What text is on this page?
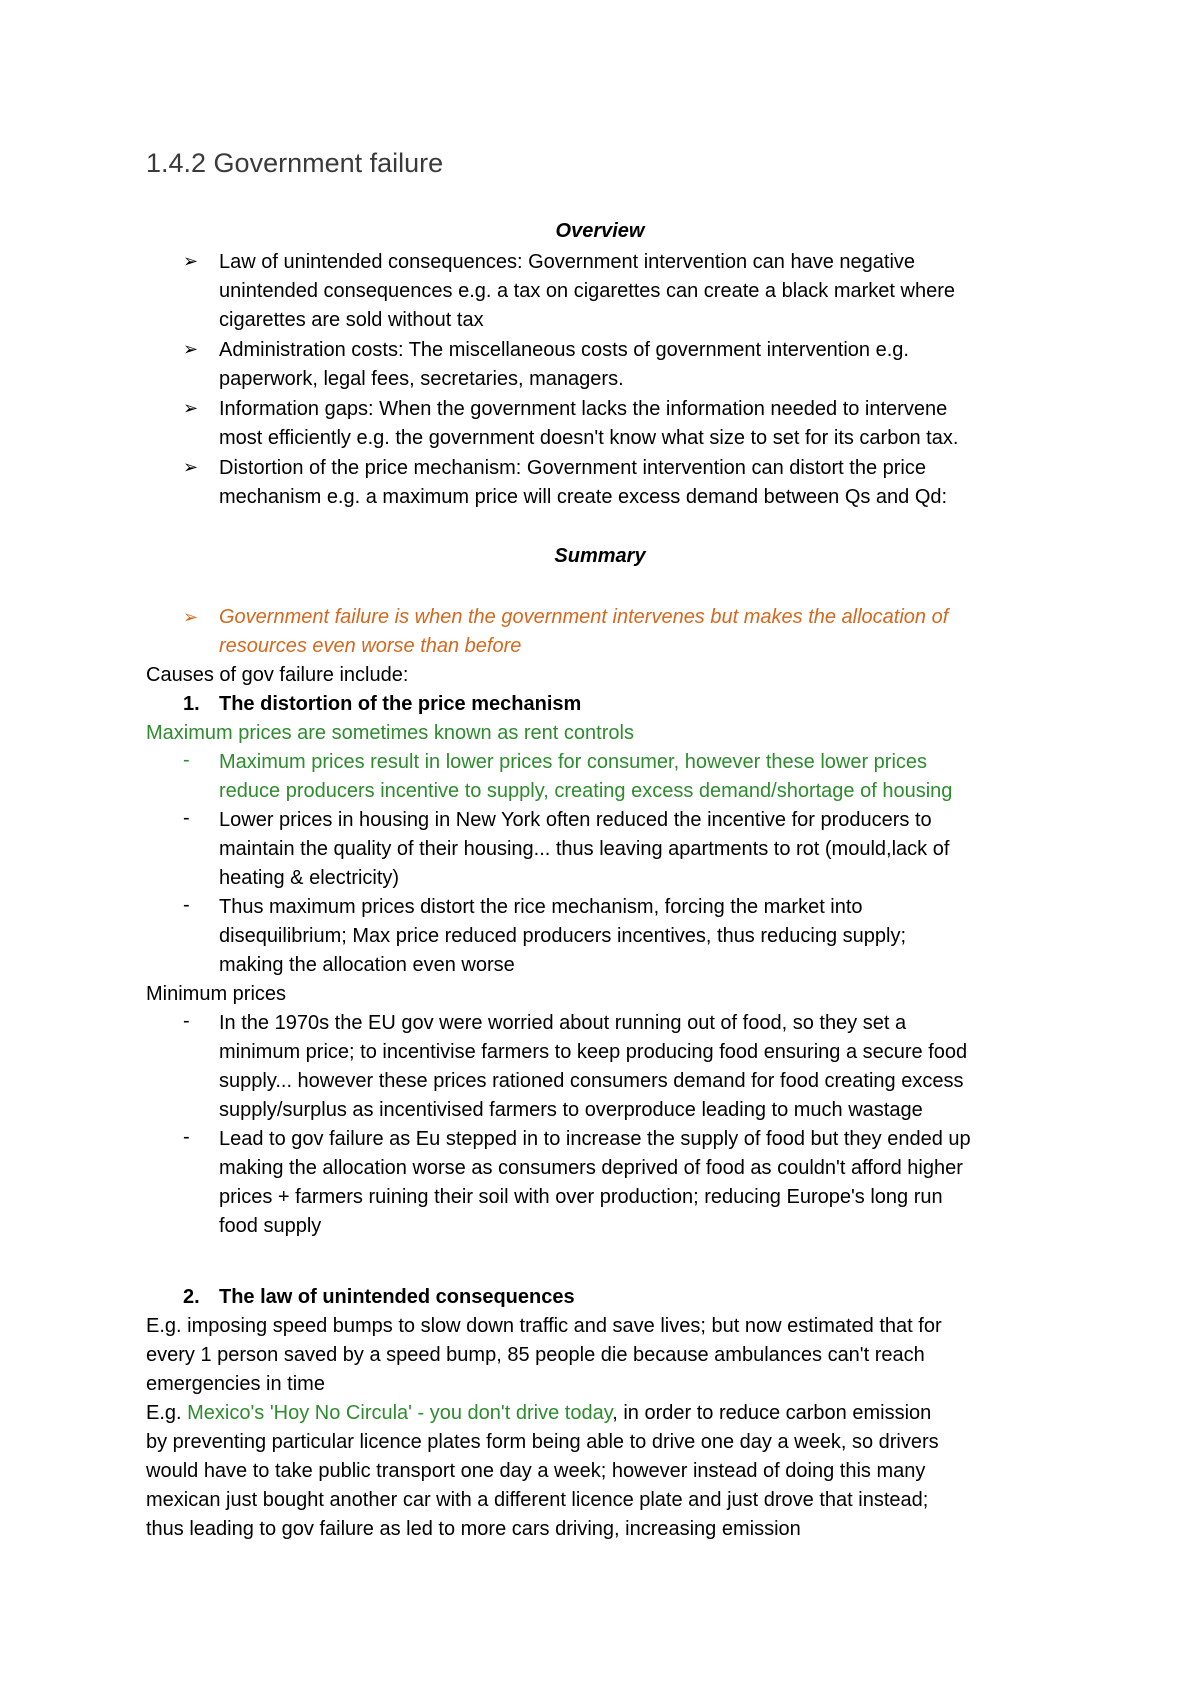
1.4.2 Government failure
Overview
➢ Law of unintended consequences: Government intervention can have negative
unintended consequences e.g. a tax on cigarettes can create a black market where
cigarettes are sold without tax
➢ Administration costs: The miscellaneous costs of government intervention e.g.
paperwork, legal fees, secretaries, managers.
➢ Information gaps: When the government lacks the information needed to intervene
most efficiently e.g. the government doesn't know what size to set for its carbon tax.
➢ Distortion of the price mechanism: Government intervention can distort the price
mechanism e.g. a maximum price will create excess demand between Qs and Qd:
Summary
➢ Government failure is when the government intervenes but makes the allocation of
resources even worse than before
Causes of gov failure include:
1. The distortion of the price mechanism
Maximum prices are sometimes known as rent controls
- Maximum prices result in lower prices for consumer, however these lower prices
reduce producers incentive to supply, creating excess demand/shortage of housing
- Lower prices in housing in New York often reduced the incentive for producers to
maintain the quality of their housing... thus leaving apartments to rot (mould,lack of
heating & electricity)
- Thus maximum prices distort the rice mechanism, forcing the market into
disequilibrium; Max price reduced producers incentives, thus reducing supply;
making the allocation even worse
Minimum prices
- In the 1970s the EU gov were worried about running out of food, so they set a
minimum price; to incentivise farmers to keep producing food ensuring a secure food
supply... however these prices rationed consumers demand for food creating excess
supply/surplus as incentivised farmers to overproduce leading to much wastage
- Lead to gov failure as Eu stepped in to increase the supply of food but they ended up
making the allocation worse as consumers deprived of food as couldn't afford higher
prices + farmers ruining their soil with over production; reducing Europe's long run
food supply
2. The law of unintended consequences
E.g. imposing speed bumps to slow down traffic and save lives; but now estimated that for
every 1 person saved by a speed bump, 85 people die because ambulances can't reach
emergencies in time
E.g. Mexico's 'Hoy No Circula' - you don't drive today, in order to reduce carbon emission
by preventing particular licence plates form being able to drive one day a week, so drivers
would have to take public transport one day a week; however instead of doing this many
mexican just bought another car with a different licence plate and just drove that instead;
thus leading to gov failure as led to more cars driving, increasing emission
